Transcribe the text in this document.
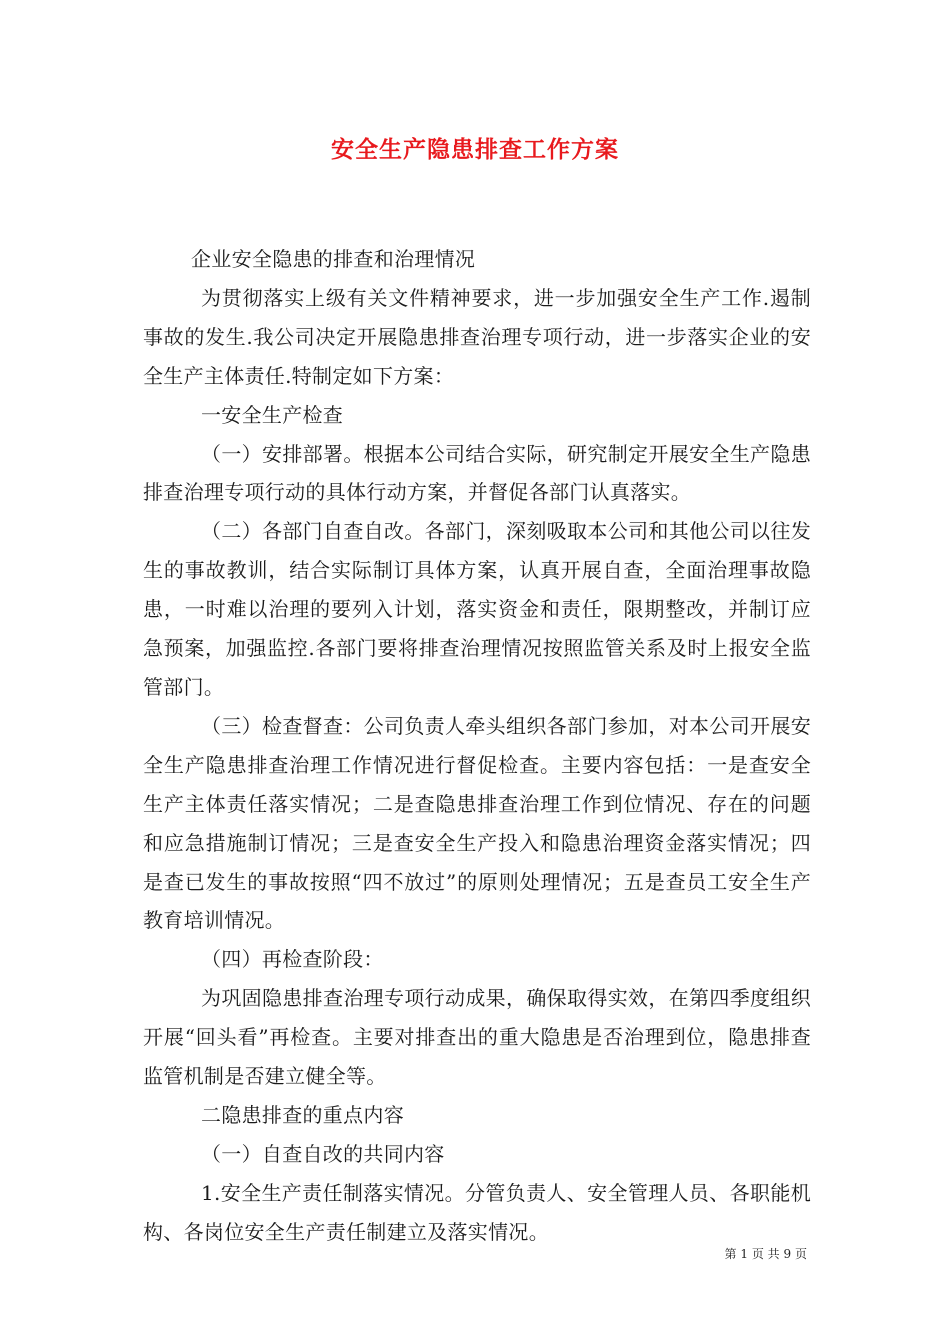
安全生产隐患排查工作方案

企业安全隐患的排查和治理情况

为贯彻落实上级有关文件精神要求，进一步加强安全生产工作.遏制事故的发生.我公司决定开展隐患排查治理专项行动，进一步落实企业的安全生产主体责任.特制定如下方案：

一安全生产检查

（一）安排部署。根据本公司结合实际，研究制定开展安全生产隐患排查治理专项行动的具体行动方案，并督促各部门认真落实。

（二）各部门自查自改。各部门，深刻吸取本公司和其他公司以往发生的事故教训，结合实际制订具体方案，认真开展自查，全面治理事故隐患，一时难以治理的要列入计划，落实资金和责任，限期整改，并制订应急预案，加强监控.各部门要将排查治理情况按照监管关系及时上报安全监管部门。

（三）检查督查：公司负责人牵头组织各部门参加，对本公司开展安全生产隐患排查治理工作情况进行督促检查。主要内容包括：一是查安全生产主体责任落实情况；二是查隐患排查治理工作到位情况、存在的问题和应急措施制订情况；三是查安全生产投入和隐患治理资金落实情况；四是查已发生的事故按照“四不放过”的原则处理情况；五是查员工安全生产教育培训情况。

（四）再检查阶段：

为巩固隐患排查治理专项行动成果，确保取得实效，在第四季度组织开展“回头看”再检查。主要对排查出的重大隐患是否治理到位，隐患排查监管机制是否建立健全等。

二隐患排查的重点内容

（一）自查自改的共同内容

1.安全生产责任制落实情况。分管负责人、安全管理人员、各职能机构、各岗位安全生产责任制建立及落实情况。

第 1 页 共 9 页
